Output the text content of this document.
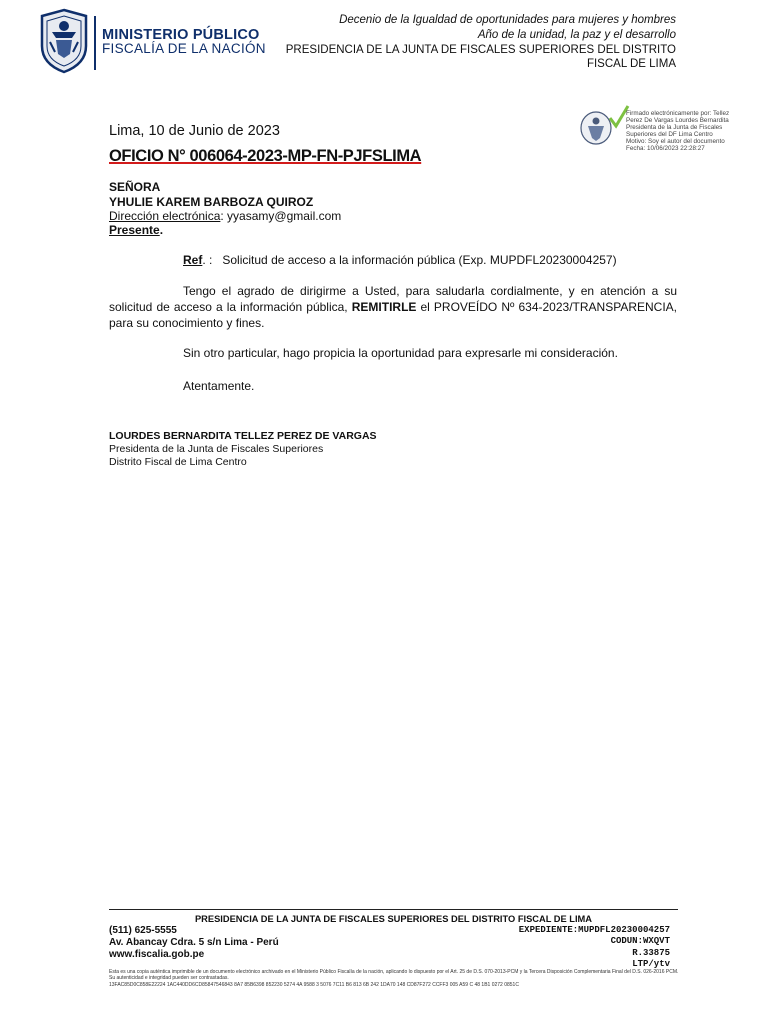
MINISTERIO PÚBLICO
FISCALÍA DE LA NACIÓN
Decenio de la Igualdad de oportunidades para mujeres y hombres
Año de la unidad, la paz y el desarrollo
PRESIDENCIA DE LA JUNTA DE FISCALES SUPERIORES DEL DISTRITO FISCAL DE LIMA
Firmado electrónicamente por: Tellez
Perez De Vargas Lourdes Bernardita
Presidenta de la Junta de Fiscales
Superiores del DF Lima Centro
Motivo: Soy el autor del documento
Fecha: 10/06/2023 22:28:27
Lima, 10 de Junio de 2023
OFICIO N° 006064-2023-MP-FN-PJFSLIMA
SEÑORA
YHULIE KAREM BARBOZA QUIROZ
Dirección electrónica: yyasamy@gmail.com
Presente.
Ref. : Solicitud de acceso a la información pública (Exp. MUPDFL20230004257)
Tengo el agrado de dirigirme a Usted, para saludarla cordialmente, y en atención a su solicitud de acceso a la información pública, REMITIRLE el PROVEÍDO Nº 634-2023/TRANSPARENCIA, para su conocimiento y fines.
Sin otro particular, hago propicia la oportunidad para expresarle mi consideración.
Atentamente.
LOURDES BERNARDITA TELLEZ PEREZ DE VARGAS
Presidenta de la Junta de Fiscales Superiores
Distrito Fiscal de Lima Centro
PRESIDENCIA DE LA JUNTA DE FISCALES SUPERIORES DEL DISTRITO FISCAL DE LIMA
(511) 625-5555
Av. Abancay Cdra. 5 s/n Lima - Perú
www.fiscalia.gob.pe
EXPEDIENTE:MUPDFL20230004257
CODUN:WXQVT
R.33875
LTP/ytv
Esta es una copia auténtica imprimible de un documento electrónico archivado en el Ministerio Público Fiscalía de la nación, aplicando lo dispuesto por el Art. 25 de D.S. 070-2013-PCM y la Tercera Disposición Complementaria Final del D.S. 026-2016 PCM. Su autenticidad e integridad pueden ser contrastadas.
13FAC85D0C858E22224 1AC440DD6CD85847546843 8A7 85B6398 852230 5274 4A 9588 3 5076 7C11 B6 813 6B 242 1DA70 148 CD87F272 CCFF3 005 A59 C 48 1B1 0272 0851C
